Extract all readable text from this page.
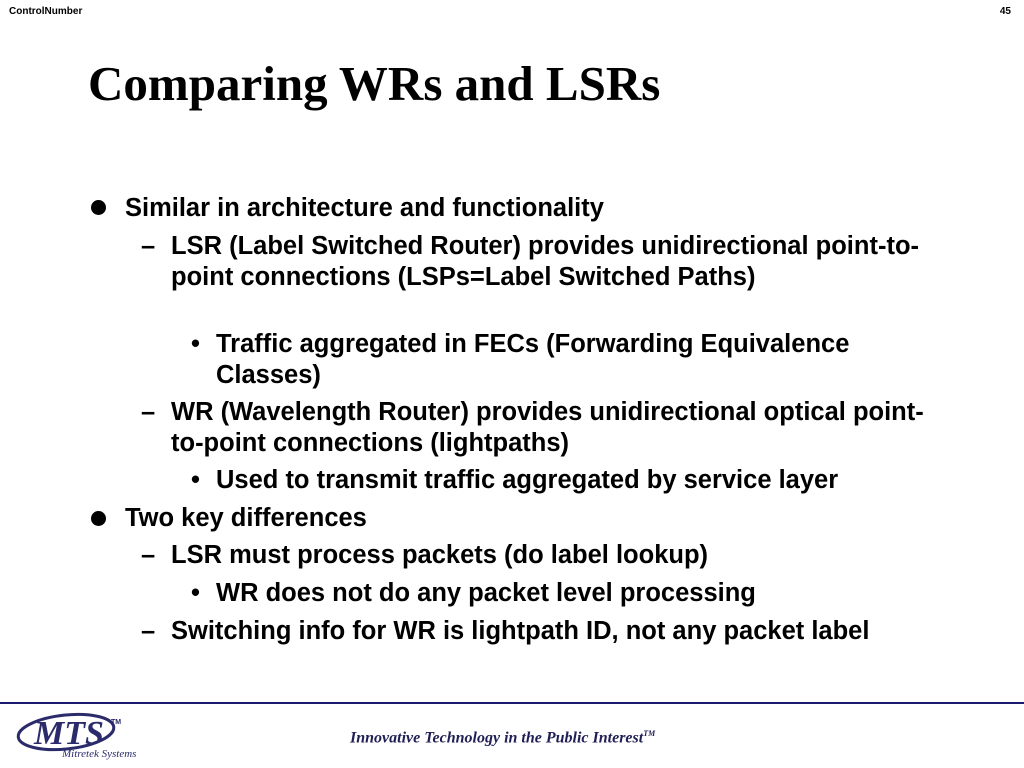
ControlNumber	45
Comparing WRs and LSRs
Similar in architecture and functionality
– LSR (Label Switched Router) provides unidirectional point-to-point connections (LSPs=Label Switched Paths)
• Traffic aggregated in FECs (Forwarding Equivalence Classes)
– WR (Wavelength Router) provides unidirectional optical point-to-point connections (lightpaths)
• Used to transmit traffic aggregated by service layer
Two key differences
– LSR must process packets (do label lookup)
• WR does not do any packet level processing
– Switching info for WR is lightpath ID, not any packet label
MTS TM
Mitretek Systems
Innovative Technology in the Public Interest™
